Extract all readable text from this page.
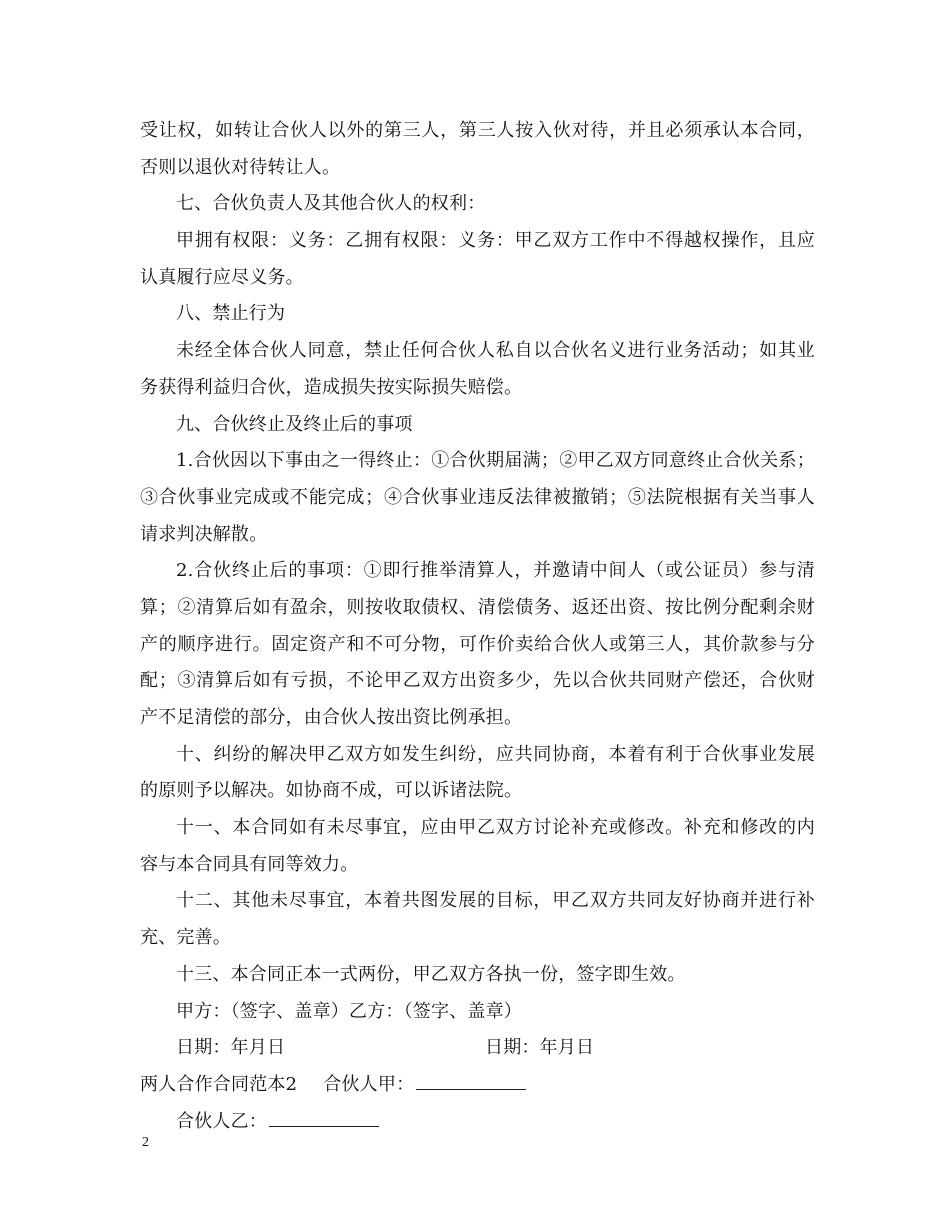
受让权，如转让合伙人以外的第三人，第三人按入伙对待，并且必须承认本合同，
否则以退伙对待转让人。
七、合伙负责人及其他合伙人的权利：
甲拥有权限：义务：乙拥有权限：义务：甲乙双方工作中不得越权操作，且应
认真履行应尽义务。
八、禁止行为
未经全体合伙人同意，禁止任何合伙人私自以合伙名义进行业务活动；如其业
务获得利益归合伙，造成损失按实际损失赔偿。
九、合伙终止及终止后的事项
1.合伙因以下事由之一得终止：①合伙期届满；②甲乙双方同意终止合伙关系；
③合伙事业完成或不能完成；④合伙事业违反法律被撤销；⑤法院根据有关当事人
请求判决解散。
2.合伙终止后的事项：①即行推举清算人，并邀请中间人（或公证员）参与清
算；②清算后如有盈余，则按收取债权、清偿债务、返还出资、按比例分配剩余财
产的顺序进行。固定资产和不可分物，可作价卖给合伙人或第三人，其价款参与分
配；③清算后如有亏损，不论甲乙双方出资多少，先以合伙共同财产偿还，合伙财
产不足清偿的部分，由合伙人按出资比例承担。
十、纠纷的解决甲乙双方如发生纠纷，应共同协商，本着有利于合伙事业发展
的原则予以解决。如协商不成，可以诉诸法院。
十一、本合同如有未尽事宜，应由甲乙双方讨论补充或修改。补充和修改的内
容与本合同具有同等效力。
十二、其他未尽事宜，本着共图发展的目标，甲乙双方共同友好协商并进行补
充、完善。
十三、本合同正本一式两份，甲乙双方各执一份，签字即生效。
甲方：（签字、盖章）乙方：（签字、盖章）
日期：年月日	日期：年月日
两人合作合同范本2 合伙人甲：
合伙人乙：
2
